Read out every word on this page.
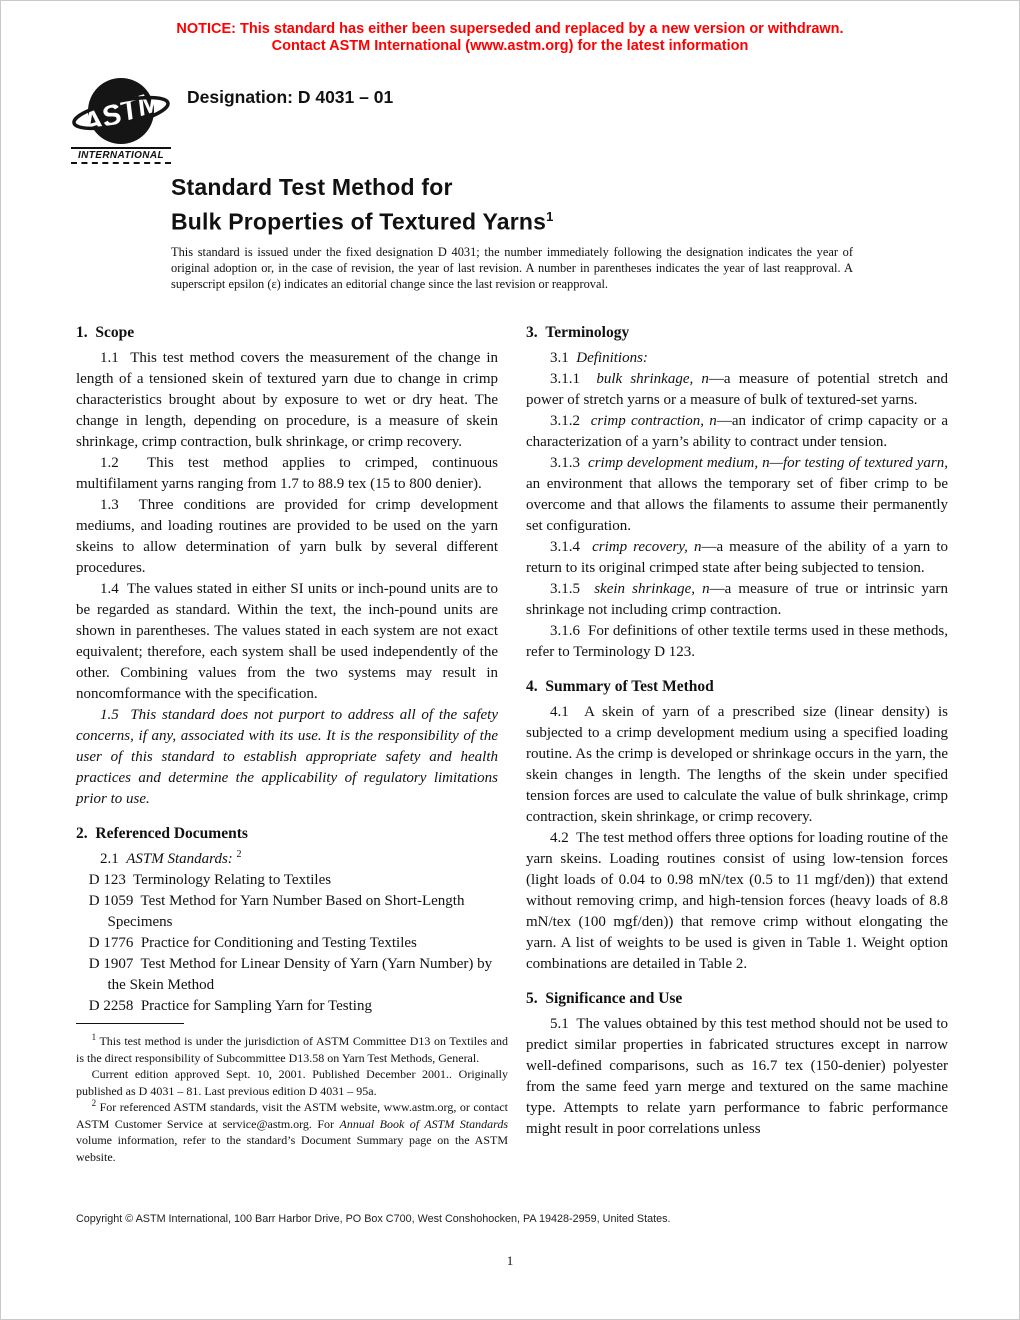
NOTICE: This standard has either been superseded and replaced by a new version or withdrawn.
Contact ASTM International (www.astm.org) for the latest information
ASTM
INTERNATIONAL
Designation: D 4031 – 01
Standard Test Method for
Bulk Properties of Textured Yarns$^1$
This standard is issued under the fixed designation D 4031; the number immediately following the designation indicates the year of original adoption or, in the case of revision, the year of last revision. A number in parentheses indicates the year of last reapproval. A superscript epsilon (ε) indicates an editorial change since the last revision or reapproval.
1.  Scope

1.1  This test method covers the measurement of the change in length of a tensioned skein of textured yarn due to change in crimp characteristics brought about by exposure to wet or dry heat. The change in length, depending on procedure, is a measure of skein shrinkage, crimp contraction, bulk shrinkage, or crimp recovery.

1.2  This test method applies to crimped, continuous multifilament yarns ranging from 1.7 to 88.9 tex (15 to 800 denier).

1.3  Three conditions are provided for crimp development mediums, and loading routines are provided to be used on the yarn skeins to allow determination of yarn bulk by several different procedures.

1.4  The values stated in either SI units or inch-pound units are to be regarded as standard. Within the text, the inch-pound units are shown in parentheses. The values stated in each system are not exact equivalent; therefore, each system shall be used independently of the other. Combining values from the two systems may result in noncomformance with the specification.

1.5  This standard does not purport to address all of the safety concerns, if any, associated with its use. It is the responsibility of the user of this standard to establish appropriate safety and health practices and determine the applicability of regulatory limitations prior to use.

2.  Referenced Documents

2.1  ASTM Standards: $^2$

D 123  Terminology Relating to Textiles
D 1059  Test Method for Yarn Number Based on Short-Length Specimens
D 1776  Practice for Conditioning and Testing Textiles
D 1907  Test Method for Linear Density of Yarn (Yarn Number) by the Skein Method
D 2258  Practice for Sampling Yarn for Testing
3.  Terminology

3.1  Definitions:

3.1.1  bulk shrinkage, n—a measure of potential stretch and power of stretch yarns or a measure of bulk of textured-set yarns.

3.1.2  crimp contraction, n—an indicator of crimp capacity or a characterization of a yarn’s ability to contract under tension.

3.1.3  crimp development medium, n—for testing of textured yarn, an environment that allows the temporary set of fiber crimp to be overcome and that allows the filaments to assume their permanently set configuration.

3.1.4  crimp recovery, n—a measure of the ability of a yarn to return to its original crimped state after being subjected to tension.

3.1.5  skein shrinkage, n—a measure of true or intrinsic yarn shrinkage not including crimp contraction.

3.1.6  For definitions of other textile terms used in these methods, refer to Terminology D 123.

4.  Summary of Test Method

4.1  A skein of yarn of a prescribed size (linear density) is subjected to a crimp development medium using a specified loading routine. As the crimp is developed or shrinkage occurs in the yarn, the skein changes in length. The lengths of the skein under specified tension forces are used to calculate the value of bulk shrinkage, crimp contraction, skein shrinkage, or crimp recovery.

4.2  The test method offers three options for loading routine of the yarn skeins. Loading routines consist of using low-tension forces (light loads of 0.04 to 0.98 mN/tex (0.5 to 11 mgf/den)) that extend without removing crimp, and high-tension forces (heavy loads of 8.8 mN/tex (100 mgf/den)) that remove crimp without elongating the yarn. A list of weights to be used is given in Table 1. Weight option combinations are detailed in Table 2.

5.  Significance and Use

5.1  The values obtained by this test method should not be used to predict similar properties in fabricated structures except in narrow well-defined comparisons, such as 16.7 tex (150-denier) polyester from the same feed yarn merge and textured on the same machine type. Attempts to relate yarn performance to fabric performance might result in poor correlations unless

$^1$ This test method is under the jurisdiction of ASTM Committee D13 on Textiles and is the direct responsibility of Subcommittee D13.58 on Yarn Test Methods, General.

Current edition approved Sept. 10, 2001. Published December 2001.. Originally published as D 4031 – 81. Last previous edition D 4031 – 95a.

$^2$ For referenced ASTM standards, visit the ASTM website, www.astm.org, or contact ASTM Customer Service at service@astm.org. For Annual Book of ASTM Standards volume information, refer to the standard’s Document Summary page on the ASTM website.

Copyright © ASTM International, 100 Barr Harbor Drive, PO Box C700, West Conshohocken, PA 19428-2959, United States.
1
